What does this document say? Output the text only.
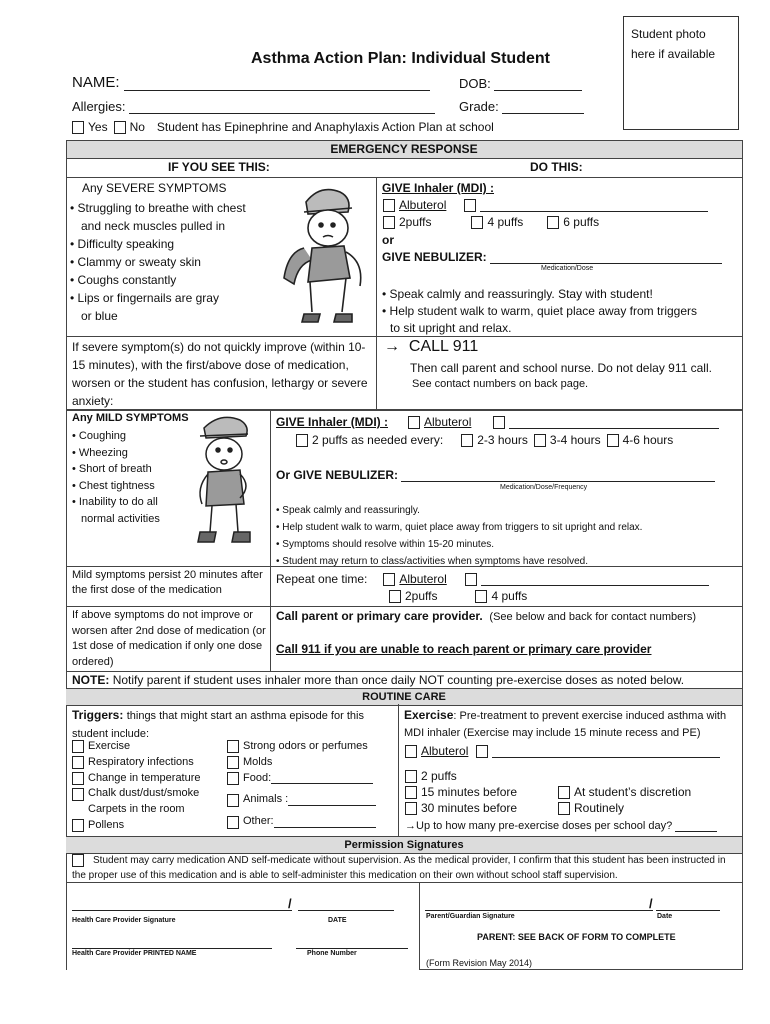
Student photo here if available
Asthma Action Plan: Individual Student
NAME:	DOB:
Allergies:	Grade:
Yes No Student has Epinephrine and Anaphylaxis Action Plan at school
EMERGENCY RESPONSE
IF YOU SEE THIS:	DO THIS:
Any SEVERE SYMPTOMS
• Struggling to breathe with chest
and neck muscles pulled in
• Difficulty speaking
• Clammy or sweaty skin
• Coughs constantly
• Lips or fingernails are gray
or blue
GIVE Inhaler (MDI) :
Albuterol
2puffs	4 puffs	6 puffs
or
GIVE NEBULIZER:
Medication/Dose
• Speak calmly and reassuringly. Stay with student!
• Help student walk to warm, quiet place away from triggers
to sit upright and relax.
If severe symptom(s) do not quickly improve (within 10-15 minutes), with the first/above dose of medication, worsen or the student has confusion, lethargy or severe anxiety:
→ CALL 911
Then call parent and school nurse. Do not delay 911 call.
See contact numbers on back page.
Any MILD SYMPTOMS
• Coughing
• Wheezing
• Short of breath
• Chest tightness
• Inability to do all
normal activities
GIVE Inhaler (MDI) :	Albuterol
2 puffs as needed every:	2-3 hours 3-4 hours 4-6 hours
Or GIVE NEBULIZER:
Medication/Dose/Frequency
• Speak calmly and reassuringly.
• Help student walk to warm, quiet place away from triggers to sit upright and relax.
• Symptoms should resolve within 15-20 minutes.
• Student may return to class/activities when symptoms have resolved.
Mild symptoms persist 20 minutes after the first dose of the medication
Repeat one time:	Albuterol
2puffs	4 puffs
If above symptoms do not improve or worsen after 2nd dose of medication (or 1st dose of medication if only one dose ordered)
Call parent or primary care provider. (See below and back for contact numbers)
Call 911 if you are unable to reach parent or primary care provider
NOTE: Notify parent if student uses inhaler more than once daily NOT counting pre-exercise doses as noted below.
ROUTINE CARE
Triggers: things that might start an asthma episode for this student include:
Exercise
Respiratory infections
Change in temperature
Chalk dust/dust/smoke
Carpets in the room
Pollens
Strong odors or perfumes
Molds
Food:
Animals :
Other:
Exercise: Pre-treatment to prevent exercise induced asthma with MDI inhaler (Exercise may include 15 minute recess and PE)
Albuterol
2 puffs
15 minutes before
30 minutes before
At student’s discretion
Routinely
→Up to how many pre-exercise doses per school day?
Permission Signatures
Student may carry medication AND self-medicate without supervision. As the medical provider, I confirm that this student has been instructed in the proper use of this medication and is able to self-administer this medication on their own without school staff supervision.
/
Health Care Provider Signature	DATE
Health Care Provider PRINTED NAME	Phone Number
/
Parent/Guardian Signature	Date
PARENT: SEE BACK OF FORM TO COMPLETE
(Form Revision May 2014)
